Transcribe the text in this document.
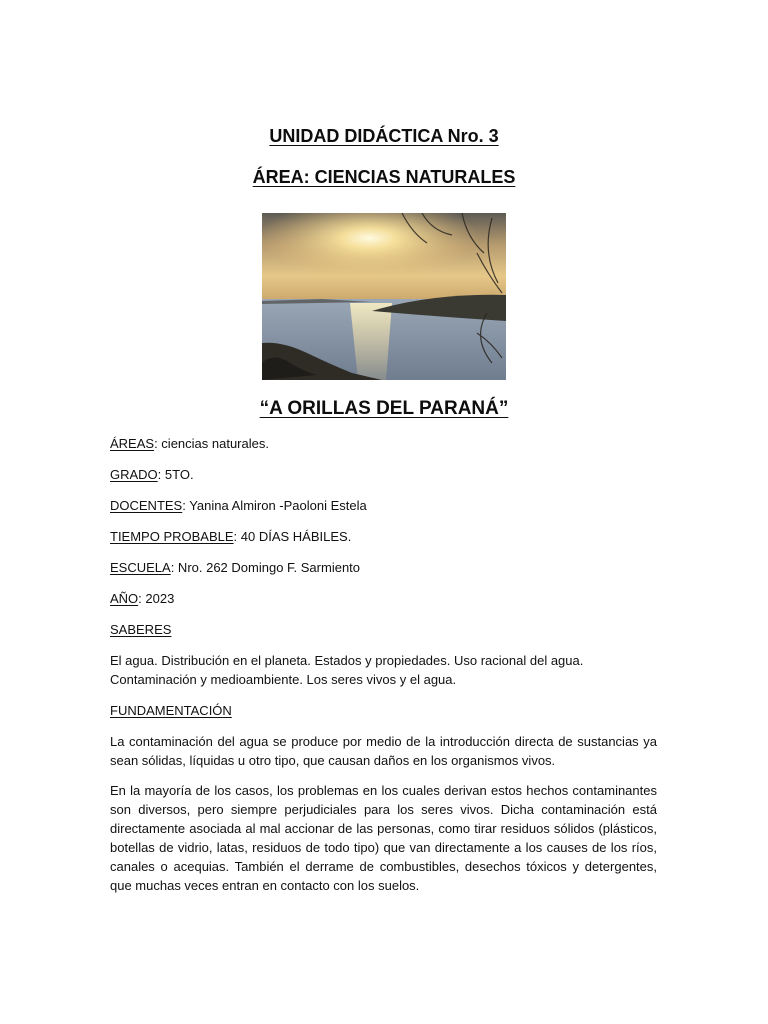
UNIDAD DIDÁCTICA Nro. 3
ÁREA: CIENCIAS NATURALES
“A ORILLAS DEL PARANÁ”
ÁREAS: ciencias naturales.
GRADO: 5TO.
DOCENTES: Yanina Almiron -Paoloni Estela
TIEMPO PROBABLE: 40 DÍAS HÁBILES.
ESCUELA: Nro. 262 Domingo F. Sarmiento
AÑO: 2023
SABERES
El agua. Distribución en el planeta. Estados y propiedades. Uso racional del agua. Contaminación y medioambiente. Los seres vivos y el agua.
FUNDAMENTACIÓN
La contaminación del agua se produce por medio de la introducción directa de sustancias ya sean sólidas, líquidas u otro tipo, que causan daños en los organismos vivos.
En la mayoría de los casos, los problemas en los cuales derivan estos hechos contaminantes son diversos, pero siempre perjudiciales para los seres vivos. Dicha contaminación está directamente asociada al mal accionar de las personas, como tirar residuos sólidos (plásticos, botellas de vidrio, latas, residuos de todo tipo) que van directamente a los causes de los ríos, canales o acequias. También el derrame de combustibles, desechos tóxicos y detergentes, que muchas veces entran en contacto con los suelos.
